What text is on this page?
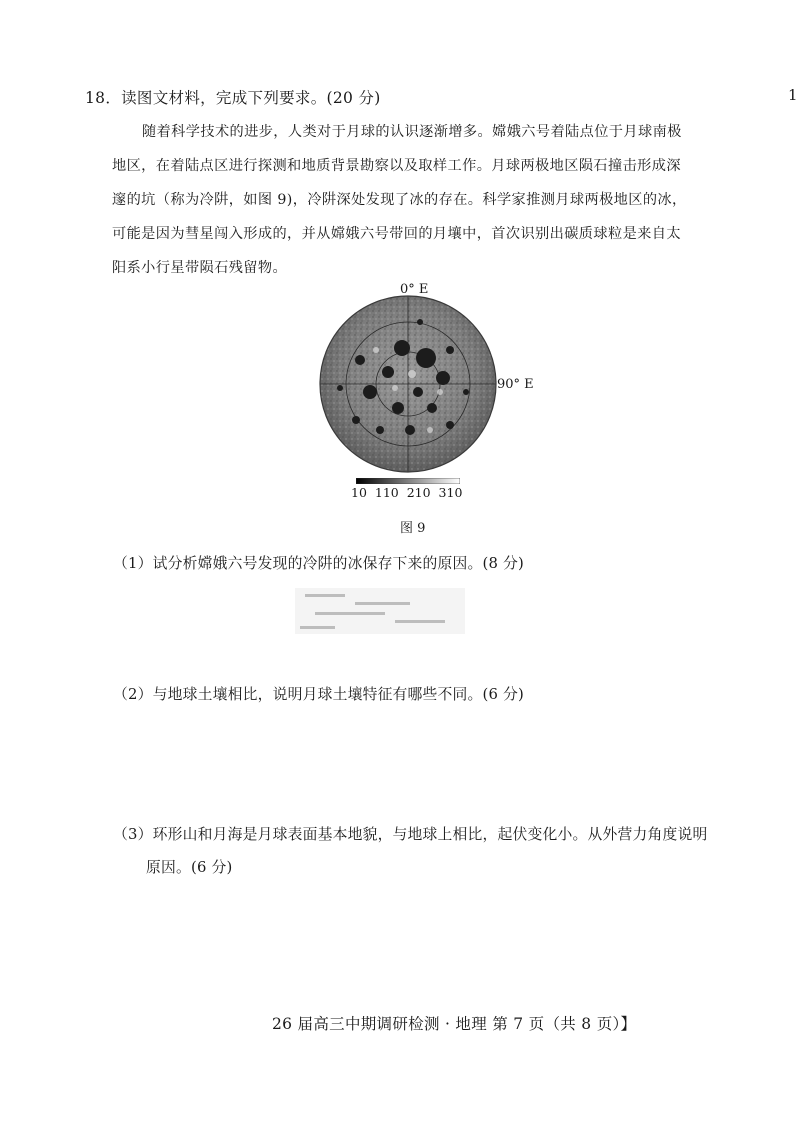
18．读图文材料，完成下列要求。(20 分)	1

随着科学技术的进步，人类对于月球的认识逐渐增多。嫦娥六号着陆点位于月球南极

地区，在着陆点区进行探测和地质背景勘察以及取样工作。月球两极地区陨石撞击形成深

邃的坑（称为冷阱，如图 9)，冷阱深处发现了冰的存在。科学家推测月球两极地区的冰，

可能是因为彗星闯入形成的，并从嫦娥六号带回的月壤中，首次识别出碳质球粒是来自太

阳系小行星带陨石残留物。

0° E
90° E
10 110 210 310
图 9
（1）试分析嫦娥六号发现的冷阱的冰保存下来的原因。(8 分)
（2）与地球土壤相比，说明月球土壤特征有哪些不同。(6 分)
（3）环形山和月海是月球表面基本地貌，与地球上相比，起伏变化小。从外营力角度说明
原因。(6 分)
26 届高三中期调研检测 · 地理 第 7 页（共 8 页）】
